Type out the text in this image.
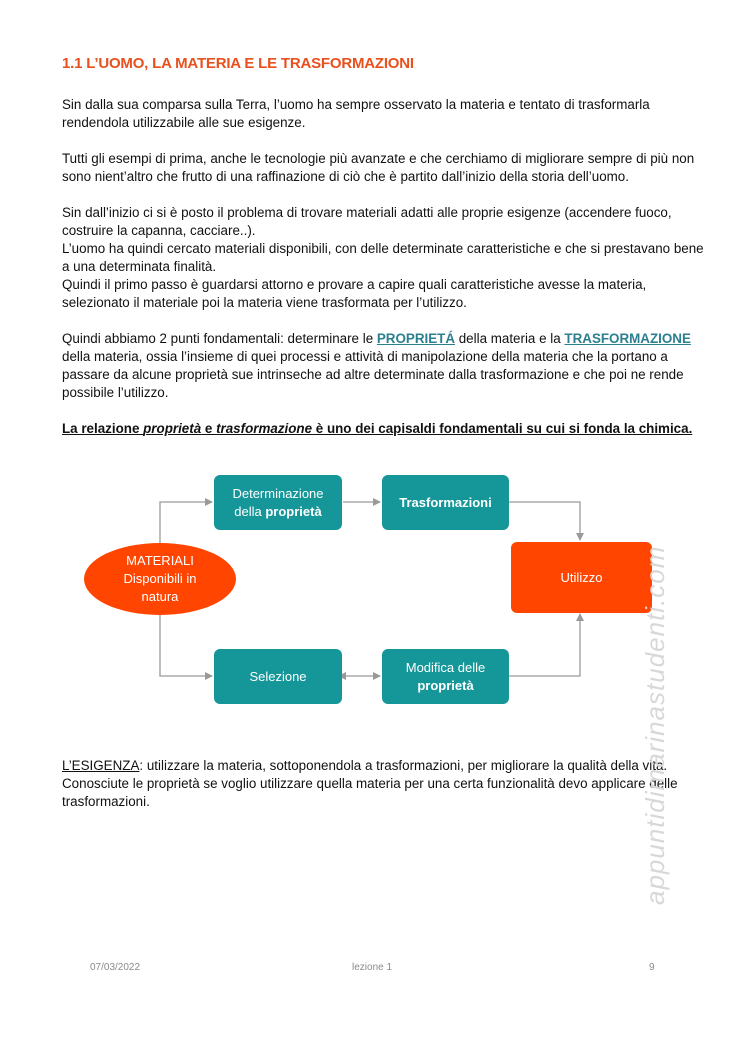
1.1 L’UOMO, LA MATERIA E LE TRASFORMAZIONI

Sin dalla sua comparsa sulla Terra, l’uomo ha sempre osservato la materia e tentato di trasformarla rendendola utilizzabile alle sue esigenze.

Tutti gli esempi di prima, anche le tecnologie più avanzate e che cerchiamo di migliorare sempre di più non sono nient’altro che frutto di una raffinazione di ciò che è partito dall’inizio della storia dell’uomo.

Sin dall’inizio ci si è posto il problema di trovare materiali adatti alle proprie esigenze (accendere fuoco, costruire la capanna, cacciare..).

L’uomo ha quindi cercato materiali disponibili, con delle determinate caratteristiche e che si prestavano bene a una determinata finalità.

Quindi il primo passo è guardarsi attorno e provare a capire quali caratteristiche avesse la materia, selezionato il materiale poi la materia viene trasformata per l’utilizzo.

Quindi abbiamo 2 punti fondamentali: determinare le PROPRIETÁ della materia e la TRASFORMAZIONE della materia, ossia l’insieme di quei processi e attività di manipolazione della materia che la portano a passare da alcune proprietà sue intrinseche ad altre determinate dalla trasformazione e che poi ne rende possibile l’utilizzo.

La relazione proprietà e trasformazione è uno dei capisaldi fondamentali su cui si fonda la chimica.

MATERIALI
Disponibili in
natura
Determinazione
della proprietà
Trasformazioni
Utilizzo
Selezione
Modifica delle
proprietà

L’ESIGENZA: utilizzare la materia, sottoponendola a trasformazioni, per migliorare la qualità della vita.

Conosciute le proprietà se voglio utilizzare quella materia per una certa funzionalità devo applicare delle trasformazioni.	appuntidimarinastudenti.com
07/03/2022	lezione 1	9
